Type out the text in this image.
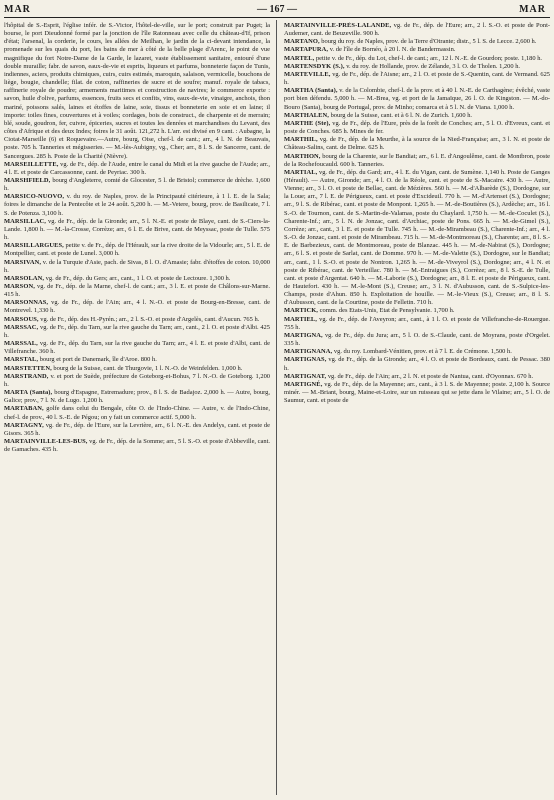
MAR	— 167 —	MAR
l'hôpital de S.-Esprit, l'église infér. de S.-Victor, l'hôtel-de-ville, sur le port; construit par Puget; la bourse, le port Dieudonné formé par la jonction de l'île Ratonneau avec celle du château-d'If, prison d'état; l'arsenal, la corderie, le cours, les allées de Meilhan, le jardin de la ci-devant intendance, la promenade sur les quais du port, les bains de mer à côté de la belle plage d'Arenc, le point de vue magnifique du fort Notre-Dame de la Garde, le lazaret, vaste établissement sanitaire, entouré d'une double muraille; fabr. de savon, eaux-de-vie et esprits, liqueurs et parfums, bonneterie façon de Tunis, indiennes, aciers, produits chimiques, cuirs, cuirs estimés, maroquin, salaison, vermicelle, bouchons de liège, bougie, chandelle; filat. de coton, raffineries de sucre et de soufre; manuf. royale de tabacs, raffinerie royale de poudre; armements maritimes et construction de navires; le commerce exporte : savon, huile d'olive, parfums, essences, fruits secs et confits, vins, eaux-de-vie, vinaigre, anchois, thon mariné, poissons salés, laines et étoffes de laine, soie, tissus et bonneterie en soie et en laine; il importe: toiles fines, couvertures et à voiles; cordages, bois de construct., de charpente et de merrain; blé, soude, goudron, fer, cuivre, épiceries, sucres et toutes les denrées et marchandises du Levant, des côtes d'Afrique et des deux Indes; foires le 31 août. 121,272 h. L'arr. est divisé en 9 cant. : Aubagne, la Ciotat-Marseille (6) et Roquevaire.—Autre, bourg, Oise, chef-l. de cant.; arr., 4 l. N. de Beauvais, poste. 705 h. Tanneries et mégisseries. — M.-lès-Aubigny, vg., Cher; arr., 8 l. S. de Sancerre, cant. de Sancergues. 285 h. Poste de la Charité (Nièvre).
MARSEILLETTE, vg. de Fr., dép. de l'Aude, entre le canal du Midi et la rive gauche de l'Aude; arr., 4 l. E. et poste de Carcassonne, cant. de Peyriac. 300 h.
MARSHFIELD, bourg d'Angleterre, comté de Glocester, 5 l. de Bristol; commerce de drèche. 1,600 h.
MARSICO-NUOVO, v. du roy. de Naples, prov. de la Principauté citérieure, à 1 l. E. de la Sala; foires le dimanche de la Pentecôte et le 24 août. 5,200 h. — M.-Vetere, bourg, prov. de Basilicate, 7 l. S. de Potenza. 3,100 h.
MARSILLAC, vg. de Fr., dép. de la Gironde; arr., 5 l. N.-E. et poste de Blaye, cant. de S.-Ciers-la-Lande. 1,800 h. — M.-la-Crosse, Corrèze; arr., 6 l. E. de Brive, cant. de Meyssac, poste de Tulle. 575 h.
MARSILLARGUES, petite v. de Fr., dép. de l'Hérault, sur la rive droite de la Vidourle; arr., 5 l. E. de Montpellier, cant. et poste de Lunel. 3,000 h.
MARSIVAN, v. de la Turquie d'Asie, pach. de Sivas, 8 l. O. d'Amasie; fabr. d'étoffes de coton. 10,000 h.
MARSOLAN, vg. de Fr., dép. du Gers; arr., cant., 1 l. O. et poste de Lectoure. 1,300 h.
MARSON, vg. de Fr., dép. de la Marne, chef-l. de cant.; arr., 3 l. E. et poste de Châlons-sur-Marne. 415 h.
MARSONNAS, vg. de Fr., dép. de l'Ain; arr., 4 l. N.-O. et poste de Bourg-en-Bresse, cant. de Montrevel. 1,330 h.
MARSOUS, vg. de Fr., dép. des H.-Pyrén.; arr., 2 l. S.-O. et poste d'Argelès, cant. d'Aucun. 765 h.
MARSSAC, vg. de Fr., dép. du Tarn, sur la rive gauche du Tarn; arr., cant., 2 l. O. et poste d'Albi. 425 h.
MARSSAL, vg. de Fr., dép. du Tarn, sur la rive gauche du Tarn; arr., 4 l. E. et poste d'Albi, cant. de Villefranche. 360 h.
MARSTAL, bourg et port de Danemark, île d'Aroe. 800 h.
MARSTETTEN, bourg de la Suisse, cant. de Thurgovie, 1 l. N.-O. de Weinfelden. 1,000 h.
MARSTRAND, v. et port de Suède, préfecture de Goteborg-et-Bohus, 7 l. N.-O. de Goteborg. 1,200 h.
MARTA (Santa), bourg d'Espagne, Estremadure; prov., 8 l. S. de Badajoz. 2,000 h. — Autre, bourg, Galice; prov., 7 l. N. de Lugo. 1,200 h.
MARTABAN, golfe dans celui du Bengale, côte O. de l'Indo-Chine. — Autre, v. de l'Indo-Chine, chef-l. de prov., 40 l. S.-E. de Pégou; on y fait un commerce actif. 5,000 h.
MARTAGNY, vg. de Fr., dép. de l'Eure, sur la Levrière, arr., 6 l. N.-E. des Andelys, cant. et poste de Gisors. 365 h.
MARTAINVILLE-LES-BUS, vg. de Fr., dép. de la Somme; arr., 5 l. S.-O. et poste d'Abbeville, cant. de Gamaches. 435 h.
MARTAINVILLE-PRÈS-LALANDE, vg. de Fr., dép. de l'Eure; arr., 2 l. S.-O. et poste de Pont-Audemer, cant. de Beuzeville. 900 h.
MARTANO, bourg du roy. de Naples, prov. de la Terre d'Otrante; distr., 5 l. S. de Lecce. 2,600 h.
MARTAPURA, v. de l'île de Bornéo, à 20 l. N. de Bandermassin.
MARTEL, petite v. de Fr., dép. du Lot, chef-l. de cant.; arr., 12 l. N.-E. de Gourdon; poste. 1,180 h.
MARTENSDYK (S.), v. du roy. de Hollande, prov. de Zélande, 3 l. O. de Tholen. 1,200 h.
MARTEVILLE, vg. de Fr., dép. de l'Aisne; arr., 2 l. O. et poste de S.-Quentin, cant. de Vermand. 625 h.
MARTHA (Santa), v. de la Colombie, chef-l. de la prov. et à 40 l. N.-E. de Carthagène; évêché, vaste port bien défendu. 5,000 h. — M.-Brea, vg. et port de la Jamaïque, 26 l. O. de Kingston. — M.-do-Bouro (Santa), bourg de Portugal, prov. de Minho; comarca et à 5 l. N. de Viana. 1,000 h.
MARTHALEN, bourg de la Suisse, cant. et à 6 l. N. de Zurich. 1,600 h.
MARTHE (Ste), vg. de Fr., dép. de l'Eure, près de la forêt de Conches; arr., 5 l. O. d'Evreux, cant. et poste de Conches. 685 h. Mines de fer.
MARTHIL, vg. de Fr., dép. de la Meurthe, à la source de la Nied-Française; arr., 3 l. N. et poste de Château-Salins, cant. de Delme. 625 h.
MARTHON, bourg de la Charente, sur le Bandiat; arr., 6 l. E. d'Angoulême, cant. de Montbron, poste de la Rochefoucauld. 600 h. Tanneries.
MARTIAL, vg. de Fr., dép. du Gard; arr., 4 l. E. du Vigan, cant. de Sumène. 1,140 h. Poste de Ganges (Hérault). — Autre, Gironde; arr., 4 l. O. de la Réole, cant. et poste de S.-Macaire. 430 h. — Autre, Vienne; arr., 3 l. O. et poste de Bellac, cant. de Mézières. 560 h. — M.-d'Albarède (S.), Dordogne, sur la Loue; arr., 7 l. E. de Périgueux, cant. et poste d'Excideuil. 770 h. — M.-d'Artenset (S.), Dordogne; arr., 9 l. S. de Ribérac, cant. et poste de Monpont. 1,265 h. — M.-de-Boutières (S.), Ardèche; arr., 16 l. S.-O. de Tournon, cant. de S.-Martin-de-Valamas, poste du Chaylard. 1,750 h. — M.-de-Coculet (S.), Charente-Inf.; arr., 5 l. N. de Jonzac, cant. d'Archiac, poste de Pons. 665 h. — M.-de-Gimel (S.), Corrèze; arr., cant., 3 l. E. et poste de Tulle. 745 h. — M.-de-Mirambeau (S.), Charente-Inf.; arr., 4 l. S.-O. de Jonzac, cant. et poste de Mirambeau. 715 h. — M.-de-Montmoreau (S.), Charente; arr., 8 l. S.-E. de Barbezieux, cant. de Montmoreau, poste de Blanzac. 445 h. — M.-de-Nabirat (S.), Dordogne; arr., 6 l. S. et poste de Sarlat, cant. de Domme. 970 h. — M.-de-Valette (S.), Dordogne, sur le Bandiat; arr., cant., 1 l. S.-O. et poste de Nontron. 1,265 h. — M.-de-Viveyrol (S.), Dordogne; arr., 4 l. N. et poste de Ribérac, cant. de Verteillac. 780 h. — M.-Entraigues (S.), Corrèze; arr., 8 l. S.-E. de Tulle, cant. et poste d'Argentat. 640 h. — M.-Laborie (S.), Dordogne; arr., 8 l. E. et poste de Périgueux, cant. de Hautefort. 430 h. — M.-le-Mont (S.), Creuse; arr., 3 l. N. d'Aubusson, cant. de S.-Sulpice-les-Champs, poste d'Ahun. 850 h. Exploitation de houille. — M.-le-Vieux (S.), Creuse; arr., 8 l. S. d'Aubusson, cant. de la Courtine, poste de Felletin. 710 h.
MARTICK, comm. des Etats-Unis, Etat de Pensylvanie. 1,700 h.
MARTIEL, vg. de Fr., dép. de l'Aveyron; arr., cant., à 1 l. O. et poste de Villefranche-de-Rouergue. 755 h.
MARTIGNA, vg. de Fr., dép. du Jura; arr., 5 l. O. de S.-Claude, cant. de Moyrans, poste d'Orgelet. 335 h.
MARTIGNANA, vg. du roy. Lombard-Vénitien, prov. et à 7 l. E. de Crémone. 1,500 h.
MARTIGNAS, vg. de Fr., dép. de la Gironde; arr., 4 l. O. et poste de Bordeaux, cant. de Pessac. 380 h.
MARTIGNAT, vg. de Fr., dép. de l'Ain; arr., 2 l. N. et poste de Nantua, cant. d'Oyonnax. 670 h.
MARTIGNÉ, vg. de Fr., dép. de la Mayenne; arr., cant., à 3 l. S. de Mayenne; poste. 2,100 h. Source minér. — M.-Briant, bourg, Maine-et-Loire, sur un ruisseau qui se jette dans le Vilaine; arr., 5 l. O. de Saumur, cant. et poste de
